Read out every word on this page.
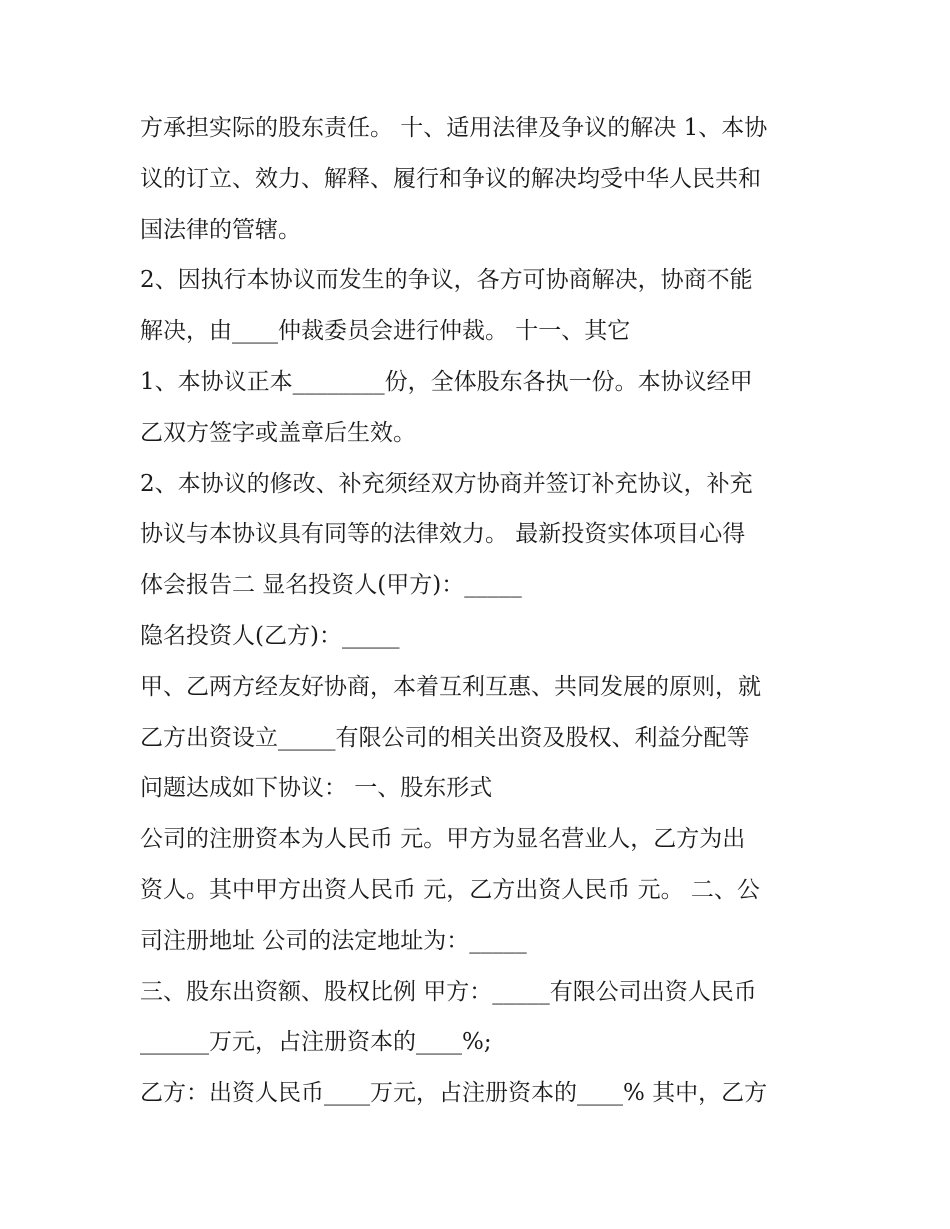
方承担实际的股东责任。 十、适用法律及争议的解决 1、本协
议的订立、效力、解释、履行和争议的解决均受中华人民共和
国法律的管辖。
2、因执行本协议而发生的争议，各方可协商解决，协商不能
解决，由____仲裁委员会进行仲裁。 十一、其它
1、本协议正本________份，全体股东各执一份。本协议经甲
乙双方签字或盖章后生效。
2、本协议的修改、补充须经双方协商并签订补充协议，补充
协议与本协议具有同等的法律效力。 最新投资实体项目心得
体会报告二 显名投资人(甲方)：_____
隐名投资人(乙方)：_____
甲、乙两方经友好协商，本着互利互惠、共同发展的原则，就
乙方出资设立_____有限公司的相关出资及股权、利益分配等
问题达成如下协议： 一、股东形式
公司的注册资本为人民币 元。甲方为显名营业人，乙方为出
资人。其中甲方出资人民币 元，乙方出资人民币 元。 二、公
司注册地址 公司的法定地址为：_____
三、股东出资额、股权比例 甲方：_____有限公司出资人民币
______万元，占注册资本的____%;
乙方：出资人民币____万元，占注册资本的____% 其中，乙方
